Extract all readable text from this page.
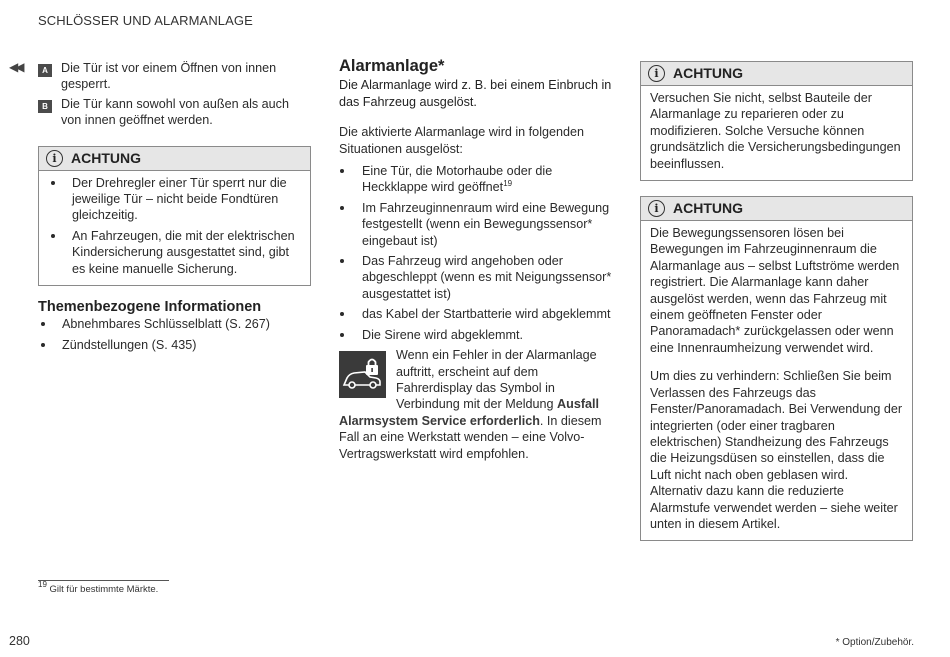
SCHLÖSSER UND ALARMANLAGE
◀◀	A	Die Tür ist vor einem Öffnen von innen gesperrt.
B	Die Tür kann sowohl von außen als auch von innen geöffnet werden.
i	ACHTUNG
Der Drehregler einer Tür sperrt nur die jeweilige Tür – nicht beide Fondtüren gleichzeitig.
An Fahrzeugen, die mit der elektrischen Kindersicherung ausgestattet sind, gibt es keine manuelle Sicherung.
Themenbezogene Informationen
Abnehmbares Schlüsselblatt (S. 267)
Zündstellungen (S. 435)
Alarmanlage*

Die Alarmanlage wird z. B. bei einem Einbruch in das Fahrzeug ausgelöst.

Die aktivierte Alarmanlage wird in folgenden Situationen ausgelöst:

Eine Tür, die Motorhaube oder die Heckklappe wird geöffnet$^{19}$
Im Fahrzeuginnenraum wird eine Bewegung festgestellt (wenn ein Bewegungssensor* eingebaut ist)
Das Fahrzeug wird angehoben oder abgeschleppt (wenn es mit Neigungssensor* ausgestattet ist)
das Kabel der Startbatterie wird abgeklemmt
Die Sirene wird abgeklemmt.
Wenn ein Fehler in der Alarmanlage auftritt, erscheint auf dem Fahrerdisplay das Symbol in Verbindung mit der Meldung Ausfall Alarmsystem Service erforderlich. In diesem Fall an eine Werkstatt wenden – eine Volvo-Vertragswerkstatt wird empfohlen.
i	ACHTUNG

Versuchen Sie nicht, selbst Bauteile der Alarmanlage zu reparieren oder zu modifizieren. Solche Versuche können grundsätzlich die Versicherungsbedingungen beeinflussen.

i	ACHTUNG

Die Bewegungssensoren lösen bei Bewegungen im Fahrzeuginnenraum die Alarmanlage aus – selbst Luftströme werden registriert. Die Alarmanlage kann daher ausgelöst werden, wenn das Fahrzeug mit einem geöffneten Fenster oder Panoramadach* zurückgelassen oder wenn eine Innenraumheizung verwendet wird.

Um dies zu verhindern: Schließen Sie beim Verlassen des Fahrzeugs das Fenster/Panoramadach. Bei Verwendung der integrierten (oder einer tragbaren elektrischen) Standheizung des Fahrzeugs die Heizungsdüsen so einstellen, dass die Luft nicht nach oben geblasen wird. Alternativ dazu kann die reduzierte Alarmstufe verwendet werden – siehe weiter unten in diesem Artikel.

$^{19}$ Gilt für bestimmte Märkte.
280	* Option/Zubehör.
